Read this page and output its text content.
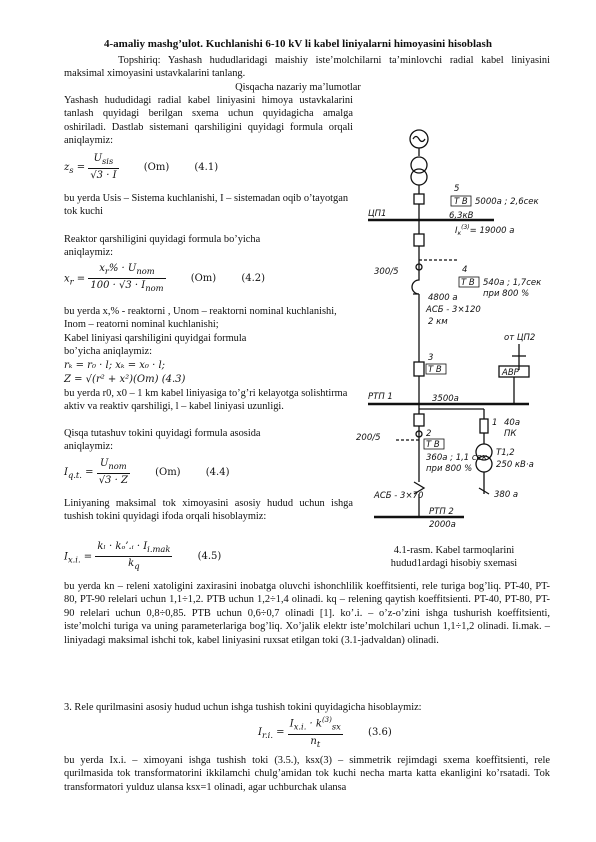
4-amaliy mashg’ulot. Kuchlanishi 6-10 kV li kabel liniyalarni himoyasini hisoblash
Topshiriq: Yashash hududlaridagi maishiy iste’molchilarni ta’minlovchi radial kabel liniyasini maksimal ximoyasini ustavkalarini tanlang.
Qisqacha nazariy ma’lumotlar
Yashash hududidagi radial kabel liniyasini himoya ustavkalarini tanlash quyidagi berilgan sxema uchun quyidagicha amalga oshiriladi. Dastlab sistemani qarshiligini quyidagi formula orqali aniqlaymiz:
$z_s = \frac{U_{sis}}{√3 \cdot I}$	(Om)	(4.1)
bu yerda Usis – Sistema kuchlanishi, I – sistemadan oqib o’tayotgan tok kuchi
Reaktor qarshiligini quyidagi formula bo’yicha aniqlaymiz:
$x_r = \frac{x_r\% \cdot U_{nom}}{100 \cdot √3 \cdot I_{nom}}$	(Om)	(4.2)
bu yerda x,% - reaktorni , Unom – reaktorni nominal kuchlanishi, Inom – reatorni nominal kuchlanishi;
Kabel liniyasi qarshiligini quyidgai formula bo’yicha aniqlaymiz:
rₖ = r₀ · l; xₖ = x₀ · l;
Z = √(r² + x²)(Om) (4.3)
bu yerda r0, x0 – 1 km kabel liniyasiga to’g’ri kelayotga solishtirma aktiv va reaktiv qarshiligi, l – kabel liniyasi uzunligi.
Qisqa tutashuv tokini quyidagi formula asosida aniqlaymiz:
$I_{q.t.} = \frac{U_{nom}}{√3 \cdot Z}$	(Om)	(4.4)
Liniyaning maksimal tok ximoyasini asosiy hudud uchun ishga tushish tokini quyidagi ifoda orqali hisoblaymiz:
$I_{x.i.} = \frac{k_l \cdot k_o’.ᵢ \cdot I_{i.mak}}{k_q}$	(4.5)
bu yerda kn – releni xatoligini zaxirasini inobatga oluvchi ishonchlilik koeffitsienti, rele turiga bog’liq. PT-40, PT-80, PT-90 relelari uchun 1,1÷1,2. PTB uchun 1,2÷1,4 olinadi. kq – relening qaytish koeffitsienti. PT-40, PT-80, PT-90 relelari uchun 0,8÷0,85. PTB uchun 0,6÷0,7 olinadi [1]. ko’.i. – o’z-o’zini ishga tushurish koeffitsienti, iste’molchi turiga va uning parameterlariga bog’liq. Xo’jalik elektr iste’molchilari uchun 1,1÷1,2 olinadi. Ii.mak. – liniyadagi maksimal ishchi tok, kabel liniyasini ruxsat etilgan toki (3.1-jadvaldan) olinadi.
3. Rele qurilmasini asosiy hudud uchun ishga tushish tokini quyidagicha hisoblaymiz:
$I_{r.i.} = \frac{I_{x.i.} \cdot k^{(3)}_{sx}}{n_t}$	(3.6)
bu yerda Ix.i. – ximoyani ishga tushish toki (3.5.), ksx(3) – simmetrik rejimdagi sxema koeffitsienti, rele qurilmasida tok transformatorini ikkilamchi chulg’amidan tok kuchi necha marta katta ekanligini ko’rsatadi. Tok transformatori yulduz ulansa ksx=1 olinadi, agar uchburchak ulansa
5
T В 5000а ; 2,6сек
ЦП1	6,3кВ
$I_к^{(3)}= 19000$ а
300/5	4
T В 540а ; 1,7сек
при 800 %
4800 а
АСБ - 3×120
2 км
от ЦП2
АВР
3
T В
РТП 1	3500а
200/5	2
T В
360а ; 1,1 сек
при 800 %
1 40а
ПК
T1,2
250 кВ·а
380 а
АСБ - 3×70
РТП 2
2000а
4.1-rasm. Kabel tarmoqlarini
hudud1ardagi hisobiy sxemasi
